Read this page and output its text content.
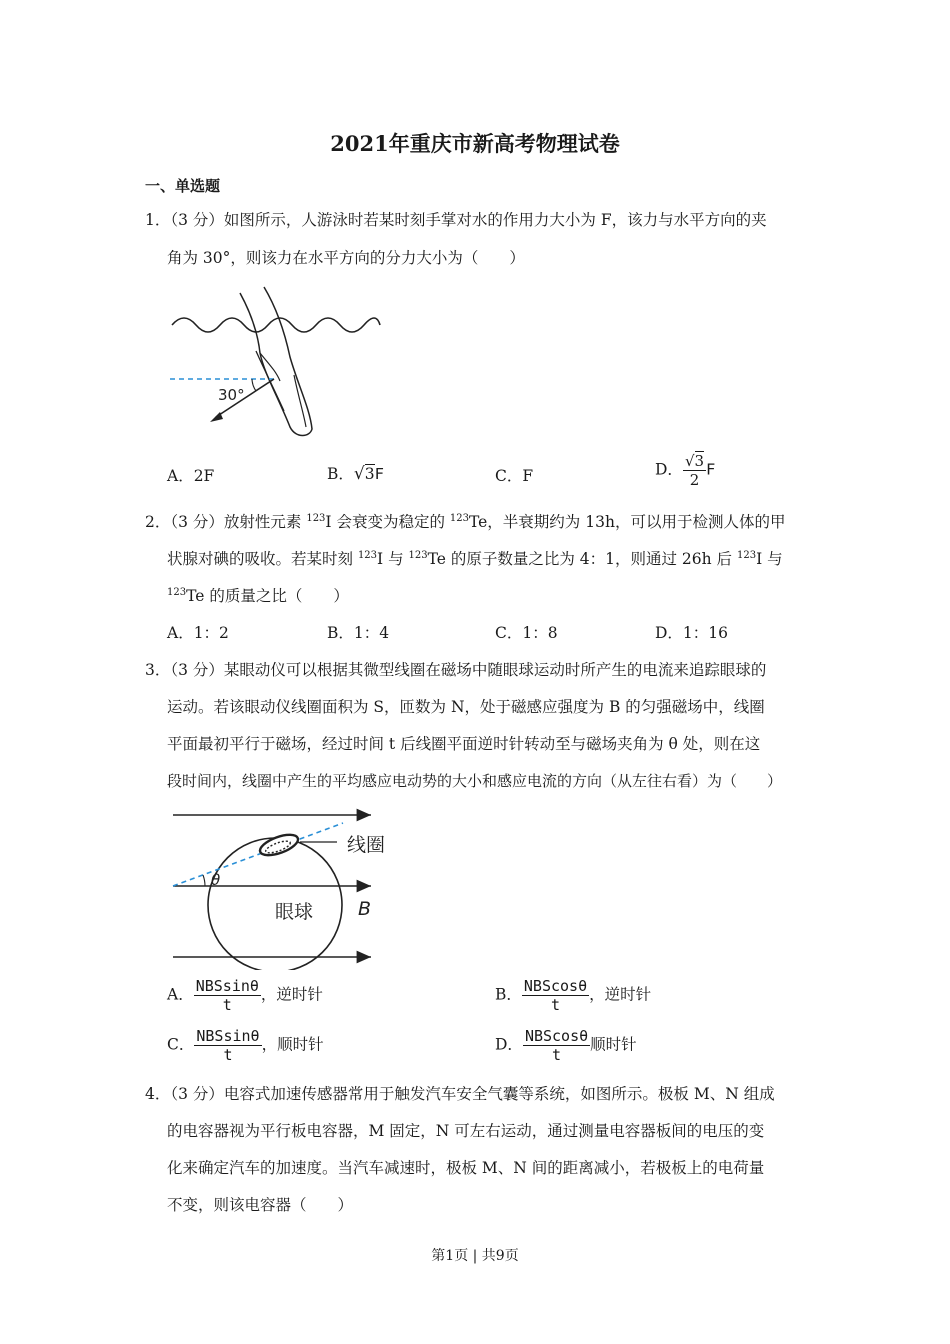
2021年重庆市新高考物理试卷
一、单选题
1．（3 分）如图所示，人游泳时若某时刻手掌对水的作用力大小为 F，该力与水平方向的夹
角为 30°，则该力在水平方向的分力大小为（　　）
30°
A．2F	B．√3F	C．F	D． $\frac{√3}{2}$ F
2．（3 分）放射性元素 $^{123}$I 会衰变为稳定的 $^{123}$Te，半衰期约为 13h，可以用于检测人体的甲
状腺对碘的吸收。若某时刻 $^{123}$I 与 $^{123}$Te 的原子数量之比为 4：1，则通过 26h 后 $^{123}$I 与
$^{123}$Te 的质量之比（　　）
A．1：2	B．1：4	C．1：8	D．1：16
3．（3 分）某眼动仪可以根据其微型线圈在磁场中随眼球运动时所产生的电流来追踪眼球的
运动。若该眼动仪线圈面积为 S，匝数为 N，处于磁感应强度为 B 的匀强磁场中，线圈
平面最初平行于磁场，经过时间 t 后线圈平面逆时针转动至与磁场夹角为 θ 处，则在这
段时间内，线圈中产生的平均感应电动势的大小和感应电流的方向（从左往右看）为（　　）
θ
线圈
眼球 B
A． $\frac{\text{NBSsinθ}}{t}$ ，逆时针	B． $\frac{\text{NBScosθ}}{t}$ ，逆时针
C． $\frac{\text{NBSsinθ}}{t}$ ，顺时针	D． $\frac{\text{NBScosθ}}{t}$ 顺时针
4．（3 分）电容式加速传感器常用于触发汽车安全气囊等系统，如图所示。极板 M、N 组成
的电容器视为平行板电容器，M 固定，N 可左右运动，通过测量电容器板间的电压的变
化来确定汽车的加速度。当汽车减速时，极板 M、N 间的距离减小，若极板上的电荷量
不变，则该电容器（　　）
第1页 | 共9页
